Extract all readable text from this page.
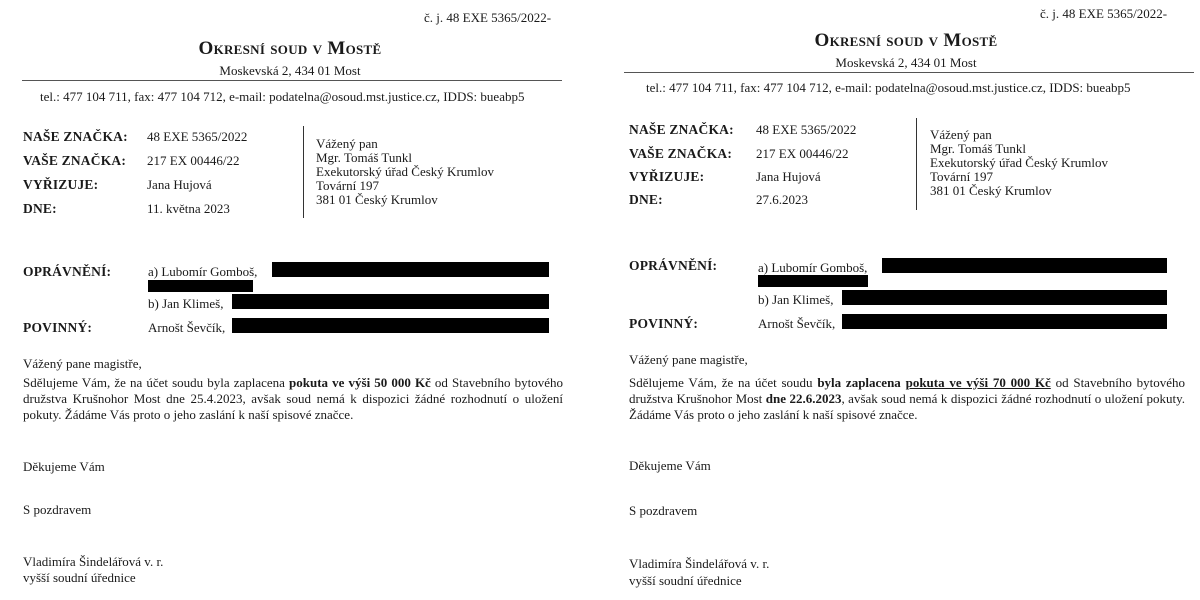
č. j. 48 EXE 5365/2022-
Okresní soud v Mostě
Moskevská 2, 434 01 Most
tel.: 477 104 711, fax: 477 104 712, e-mail: podatelna@osoud.mst.justice.cz, IDDS: bueabp5
NAŠE ZNAČKA: 48 EXE 5365/2022
VAŠE ZNAČKA: 217 EX 00446/22
VYŘIZUJE:	Jana Hujová
DNE:	11. května 2023
Vážený pan
Mgr. Tomáš Tunkl
Exekutorský úřad Český Krumlov
Tovární 197
381 01 Český Krumlov
OPRÁVNĚNÍ:	a) Lubomír Gomboš,
b) Jan Klimeš,
POVINNÝ:	Arnošt Ševčík,
Vážený pane magistře,
Sdělujeme Vám, že na účet soudu byla zaplacena pokuta ve výši 50 000 Kč od Stavebního bytového družstva Krušnohor Most dne 25.4.2023, avšak soud nemá k dispozici žádné rozhodnutí o uložení pokuty. Žádáme Vás proto o jeho zaslání k naší spisové značce.
Děkujeme Vám
S pozdravem
Vladimíra Šindelářová v. r.
vyšší soudní úřednice
č. j. 48 EXE 5365/2022-
Okresní soud v Mostě
Moskevská 2, 434 01 Most
tel.: 477 104 711, fax: 477 104 712, e-mail: podatelna@osoud.mst.justice.cz, IDDS: bueabp5
NAŠE ZNAČKA: 48 EXE 5365/2022
VAŠE ZNAČKA: 217 EX 00446/22
VYŘIZUJE:	Jana Hujová
DNE:	27.6.2023
Vážený pan
Mgr. Tomáš Tunkl
Exekutorský úřad Český Krumlov
Tovární 197
381 01 Český Krumlov
OPRÁVNĚNÍ:	a) Lubomír Gomboš,
b) Jan Klimeš,
POVINNÝ:	Arnošt Ševčík,
Vážený pane magistře,
Sdělujeme Vám, že na účet soudu byla zaplacena pokuta ve výši 70 000 Kč od Stavebního bytového družstva Krušnohor Most dne 22.6.2023, avšak soud nemá k dispozici žádné rozhodnutí o uložení pokuty. Žádáme Vás proto o jeho zaslání k naší spisové značce.
Děkujeme Vám
S pozdravem
Vladimíra Šindelářová v. r.
vyšší soudní úřednice
